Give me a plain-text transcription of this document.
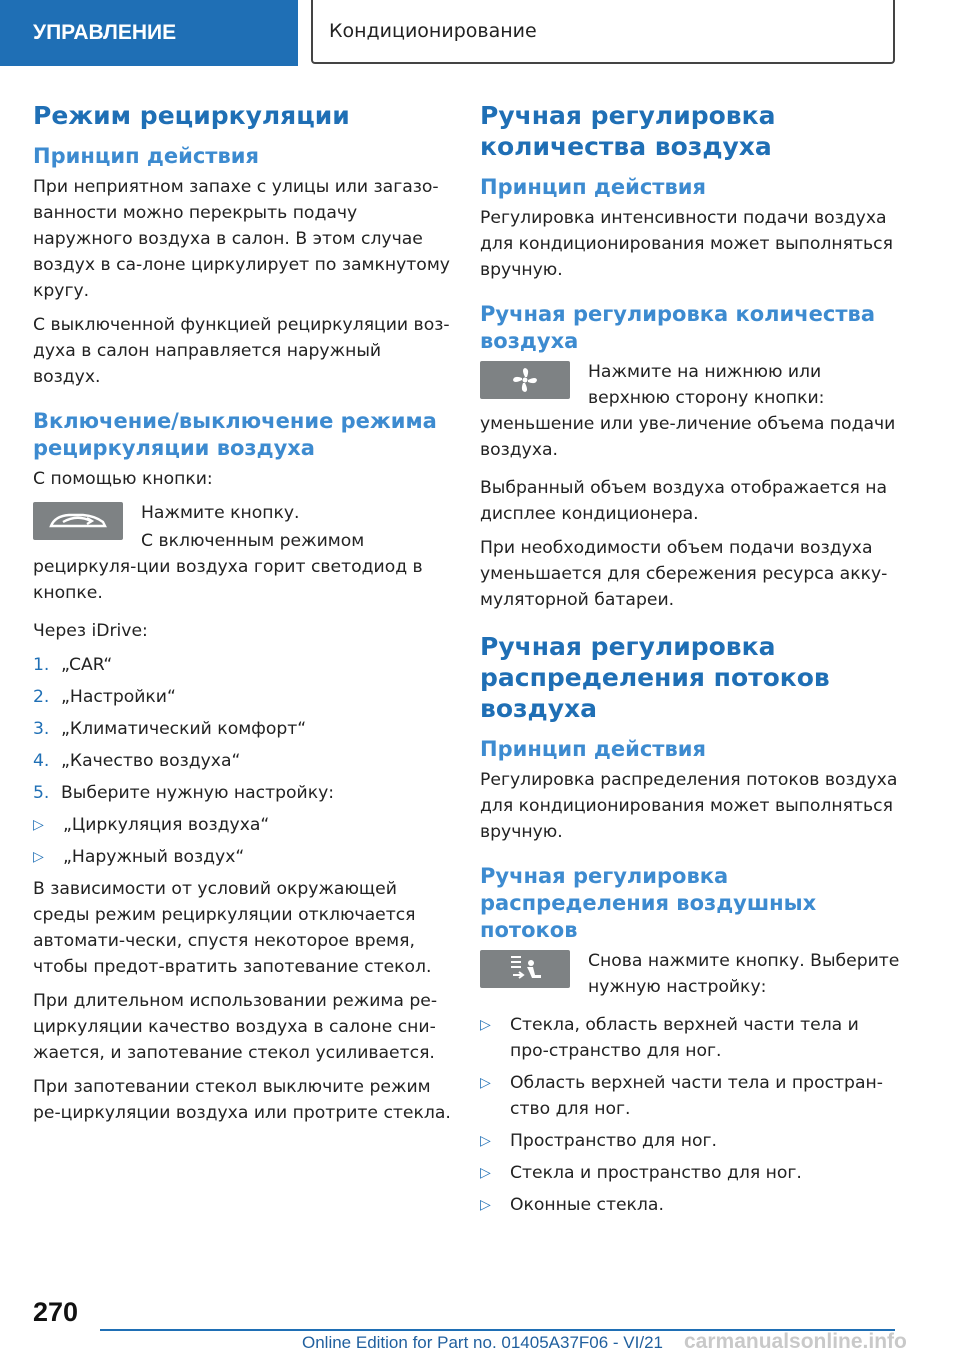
УПРАВЛЕНИЕ	Кондиционирование
Режим рециркуляции
Принцип действия

При неприятном запахе с улицы или загазо-ванности можно перекрыть подачу наружного воздуха в салон. В этом случае воздух в са-лоне циркулирует по замкнутому кругу.

С выключенной функцией рециркуляции воз-духа в салон направляется наружный воздух.

Включение/выключение режима рециркуляции воздуха

С помощью кнопки:

Нажмите кнопку.

С включенным режимом рециркуля-ции воздуха горит светодиод в кнопке.

Через iDrive:

1. „CAR“
2. „Настройки“
3. „Климатический комфорт“
4. „Качество воздуха“
5. Выберите нужную настройку:
▷	„Циркуляция воздуха“
▷	„Наружный воздух“

В зависимости от условий окружающей среды режим рециркуляции отключается автомати-чески, спустя некоторое время, чтобы предот-вратить запотевание стекол.

При длительном использовании режима ре-циркуляции качество воздуха в салоне сни-жается, и запотевание стекол усиливается.

При запотевании стекол выключите режим ре-циркуляции воздуха или протрите стекла.

Ручная регулировка количества воздуха
Принцип действия

Регулировка интенсивности подачи воздуха для кондиционирования может выполняться вручную.

Ручная регулировка количества воздуха

Нажмите на нижнюю или верхнюю сторону кнопки: уменьшение или уве-личение объема подачи воздуха.

Выбранный объем воздуха отображается на дисплее кондиционера.

При необходимости объем подачи воздуха уменьшается для сбережения ресурса акку-муляторной батареи.

Ручная регулировка распределения потоков воздуха
Принцип действия

Регулировка распределения потоков воздуха для кондиционирования может выполняться вручную.

Ручная регулировка распределения воздушных потоков

Снова нажмите кнопку. Выберите нужную настройку:

▷	Стекла, область верхней части тела и про-странство для ног.
▷	Область верхней части тела и простран-ство для ног.
▷	Пространство для ног.
▷	Стекла и пространство для ног.
▷	Оконные стекла.
270
Online Edition for Part no. 01405A37F06 - VI/21 carmanualsonline.info
